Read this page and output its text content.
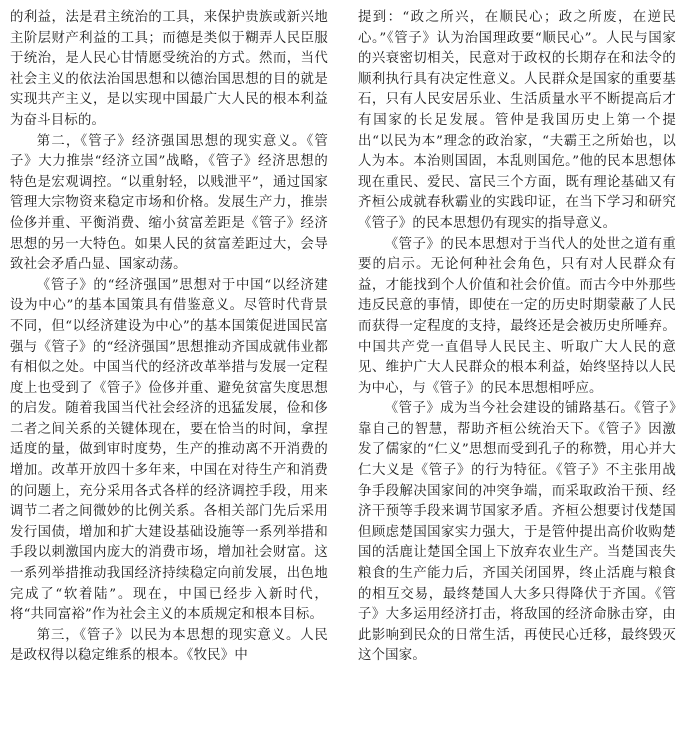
的利益，法是君主统治的工具，来保护贵族或新兴地主阶层财产利益的工具；而德是类似于糊弄人民臣服于统治，是人民心甘情愿受统治的方式。然而，当代社会主义的依法治国思想和以德治国思想的目的就是实现共产主义，是以实现中国最广大人民的根本利益为奋斗目标的。

第二，《管子》经济强国思想的现实意义。《管子》大力推崇“经济立国”战略，《管子》经济思想的特色是宏观调控。“以重射轻，以贱泄平”，通过国家管理大宗物资来稳定市场和价格。发展生产力，推崇俭侈并重、平衡消费、缩小贫富差距是《管子》经济思想的另一大特色。如果人民的贫富差距过大，会导致社会矛盾凸显、国家动荡。

《管子》的“经济强国”思想对于中国“以经济建设为中心”的基本国策具有借鉴意义。尽管时代背景不同，但“以经济建设为中心”的基本国策促进国民富强与《管子》的“经济强国”思想推动齐国成就伟业都有相似之处。中国当代的经济改革举措与发展一定程度上也受到了《管子》俭侈并重、避免贫富失度思想的启发。随着我国当代社会经济的迅猛发展，俭和侈二者之间关系的关键体现在，要在恰当的时间，拿捏适度的量，做到审时度势，生产的推动离不开消费的增加。改革开放四十多年来，中国在对待生产和消费的问题上，充分采用各式各样的经济调控手段，用来调节二者之间微妙的比例关系。各相关部门先后采用发行国债，增加和扩大建设基础设施等一系列举措和手段以刺激国内庞大的消费市场，增加社会财富。这一系列举措推动我国经济持续稳定向前发展，出色地完成了“软着陆”。现在，中国已经步入新时代，将“共同富裕”作为社会主义的本质规定和根本目标。

第三，《管子》以民为本思想的现实意义。人民是政权得以稳定维系的根本。《牧民》中

提到：“政之所兴，在顺民心；政之所废，在逆民心。”《管子》认为治国理政要“顺民心”。人民与国家的兴衰密切相关，民意对于政权的长期存在和法令的顺利执行具有决定性意义。人民群众是国家的重要基石，只有人民安居乐业、生活质量水平不断提高后才有国家的长足发展。管仲是我国历史上第一个提出“以民为本”理念的政治家，“夫霸王之所始也，以人为本。本治则国固，本乱则国危。”他的民本思想体现在重民、爱民、富民三个方面，既有理论基础又有齐桓公成就春秋霸业的实践印证，在当下学习和研究《管子》的民本思想仍有现实的指导意义。

《管子》的民本思想对于当代人的处世之道有重要的启示。无论何种社会角色，只有对人民群众有益，才能找到个人价值和社会价值。而古今中外那些违反民意的事情，即使在一定的历史时期蒙蔽了人民而获得一定程度的支持，最终还是会被历史所唾弃。中国共产党一直倡导人民民主、听取广大人民的意见、维护广大人民群众的根本利益，始终坚持以人民为中心，与《管子》的民本思想相呼应。

《管子》成为当今社会建设的铺路基石。《管子》靠自己的智慧，帮助齐桓公统治天下。《管子》因激发了儒家的“仁义”思想而受到孔子的称赞，用心并大仁大义是《管子》的行为特征。《管子》不主张用战争手段解决国家间的冲突争端，而采取政治干预、经济干预等手段来调节国家矛盾。齐桓公想要讨伐楚国但顾虑楚国国家实力强大，于是管仲提出高价收购楚国的活鹿让楚国全国上下放弃农业生产。当楚国丧失粮食的生产能力后，齐国关闭国界，终止活鹿与粮食的相互交易，最终楚国人大多只得降伏于齐国。《管子》大多运用经济打击，将敌国的经济命脉击穿，由此影响到民众的日常生活，再使民心迁移，最终毁灭这个国家。
